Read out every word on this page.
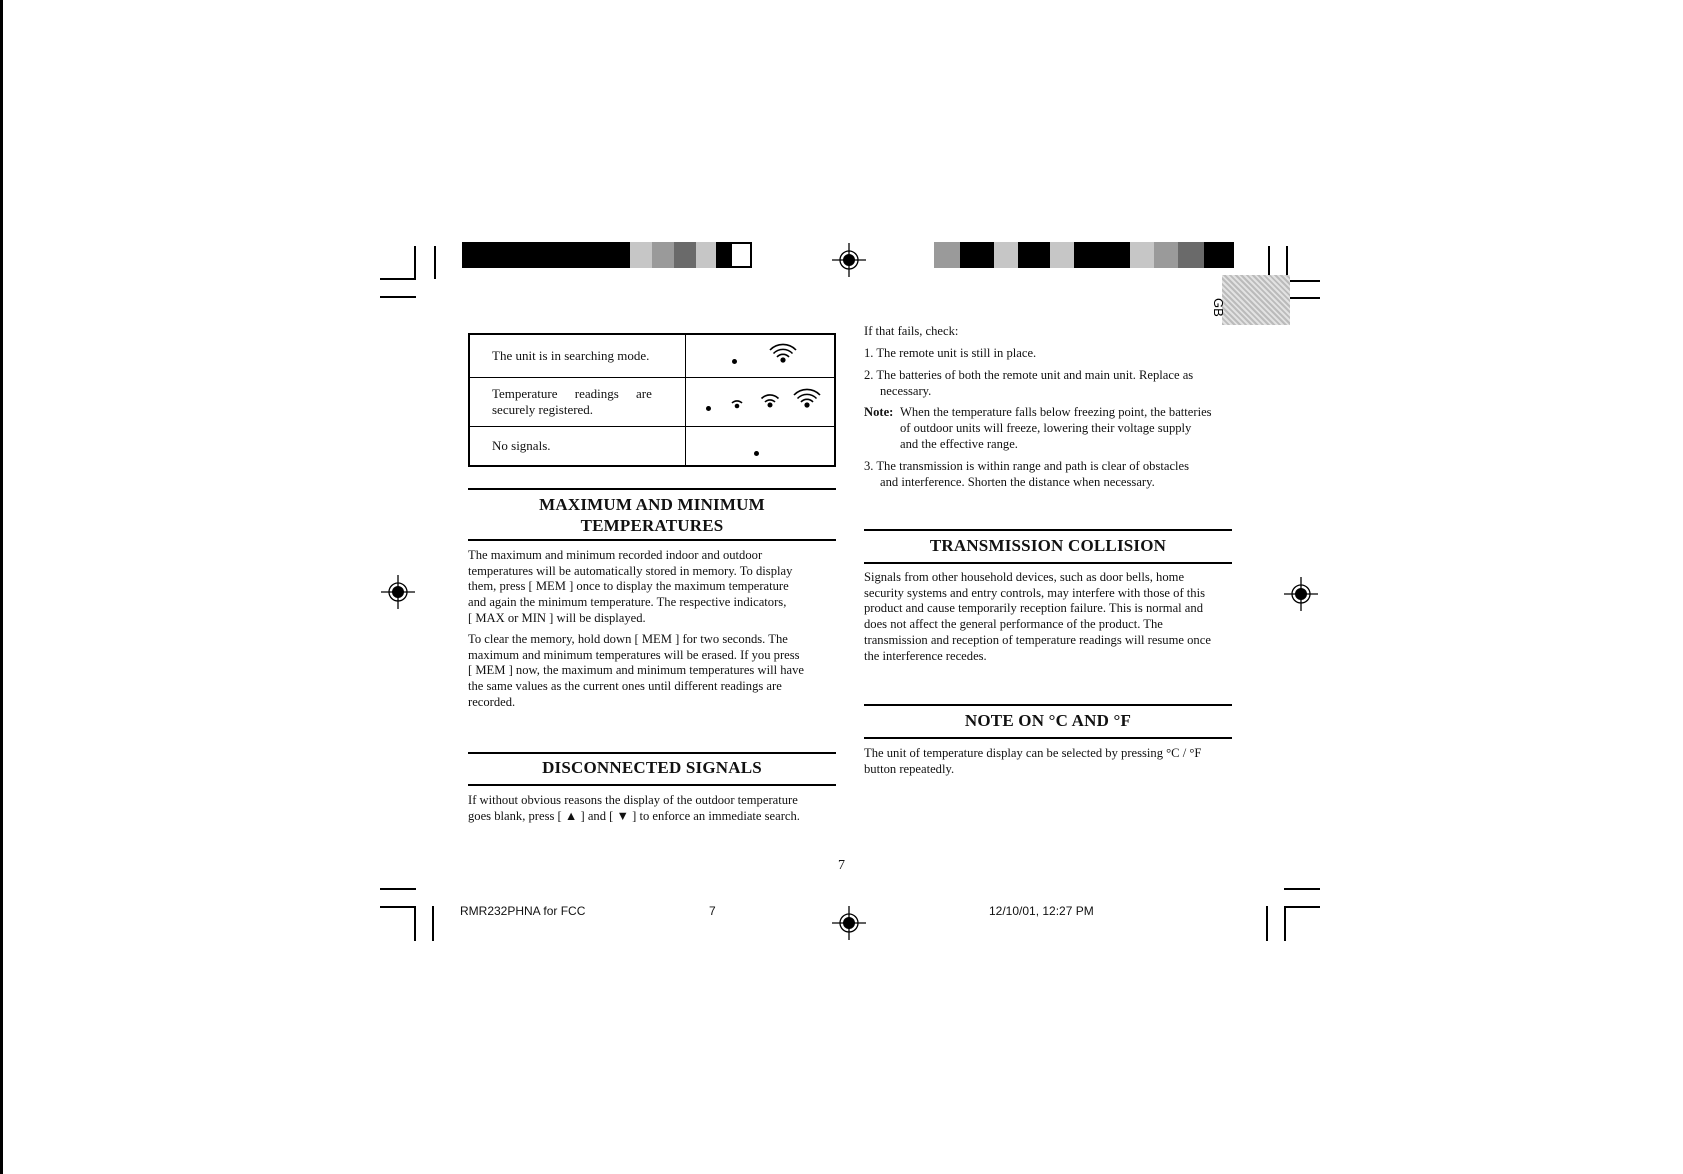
GB
The unit is in searching mode.	

Temperature readings are
securely registered.

No signals.	
MAXIMUM AND MINIMUM
TEMPERATURES
The maximum and minimum recorded indoor and outdoor
temperatures will be automatically stored in memory. To display
them, press [ MEM ] once to display the maximum temperature
and again the minimum temperature. The respective indicators,
[ MAX or MIN ] will be displayed.
To clear the memory, hold down [ MEM ] for two seconds. The
maximum and minimum temperatures will be erased. If you press
[ MEM ] now, the maximum and minimum temperatures will have
the same values as the current ones until different readings are
recorded.
DISCONNECTED SIGNALS
If without obvious reasons the display of the outdoor temperature
goes blank, press [ ▲ ] and [ ▼ ] to enforce an immediate search.
If that fails, check:
1. The remote unit is still in place.
2. The batteries of both the remote unit and main unit. Replace as
necessary.
Note: When the temperature falls below freezing point, the batteries
of outdoor units will freeze, lowering their voltage supply
and the effective range.
3. The transmission is within range and path is clear of obstacles
and interference. Shorten the distance when necessary.
TRANSMISSION COLLISION
Signals from other household devices, such as door bells, home
security systems and entry controls, may interfere with those of this
product and cause temporarily reception failure. This is normal and
does not affect the general performance of the product. The
transmission and reception of temperature readings will resume once
the interference recedes.
NOTE ON °C AND °F
The unit of temperature display can be selected by pressing °C / °F
button repeatedly.
7
RMR232PHNA for FCC	7	12/10/01, 12:27 PM
